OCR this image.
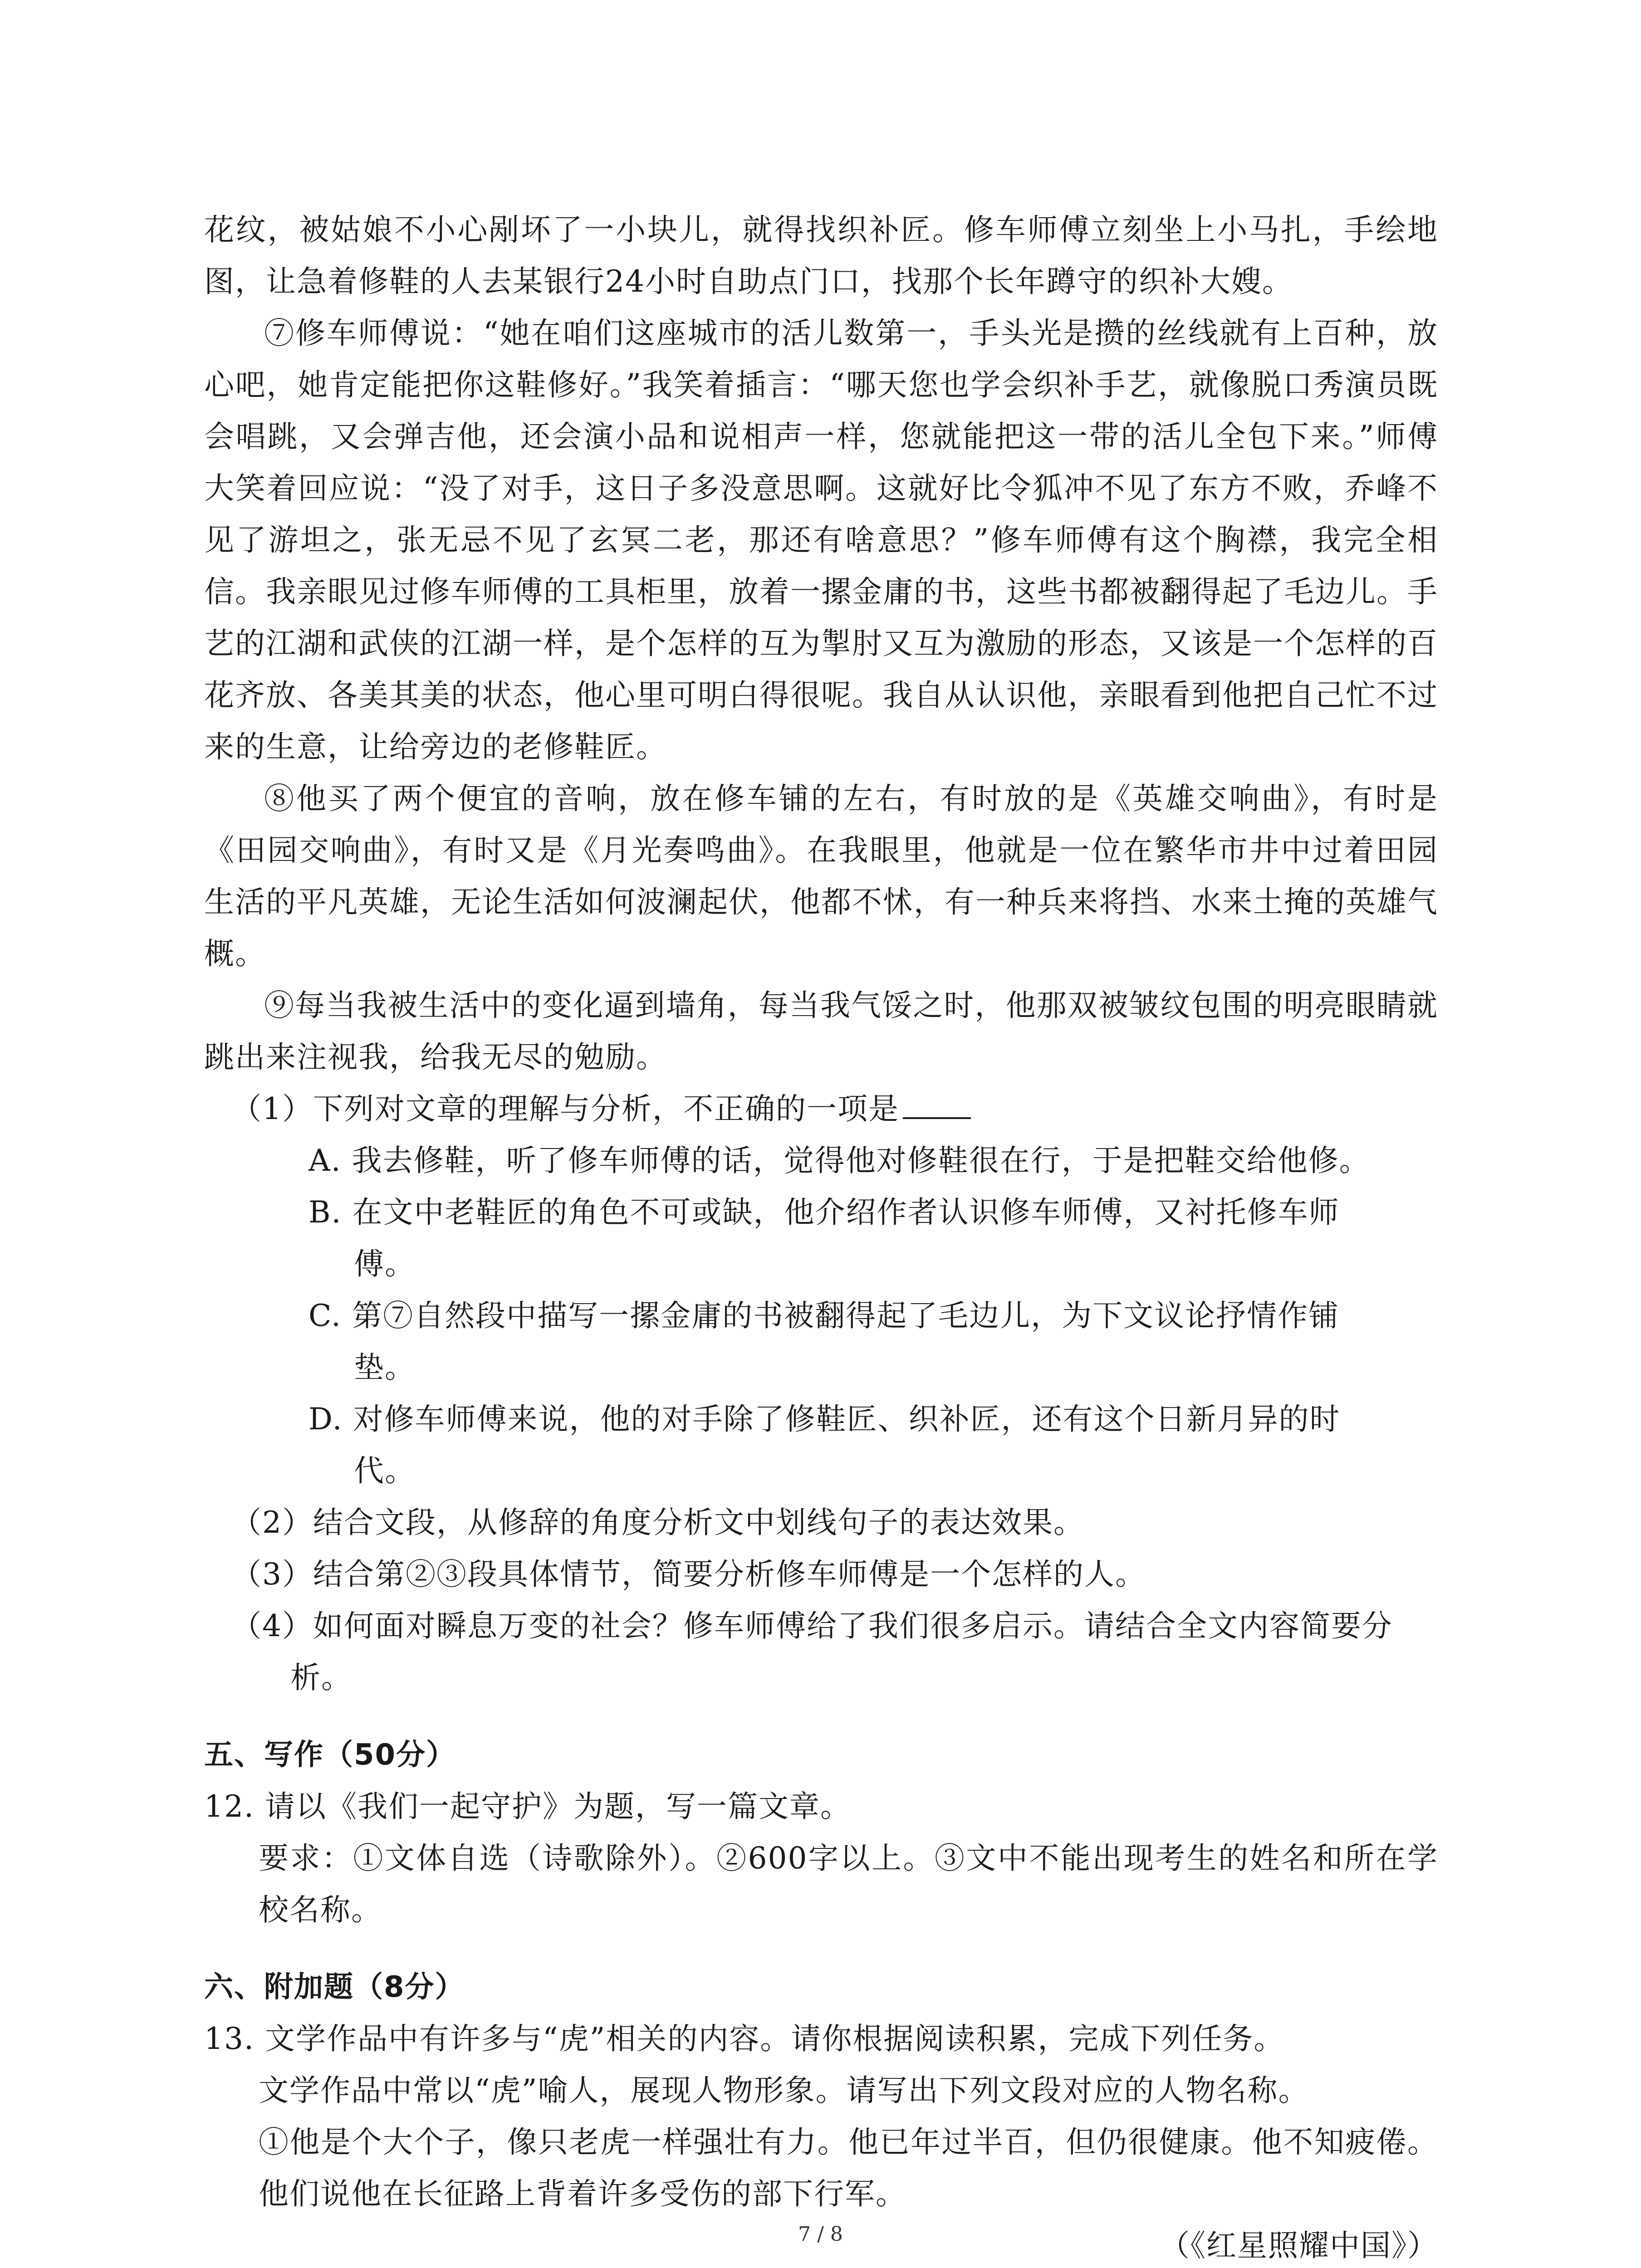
花纹，被姑娘不小心剐坏了一小块儿，就得找织补匠。修车师傅立刻坐上小马扎，手绘地图，让急着修鞋的人去某银行24小时自助点门口，找那个长年蹲守的织补大嫂。

⑦修车师傅说：“她在咱们这座城市的活儿数第一，手头光是攒的丝线就有上百种，放心吧，她肯定能把你这鞋修好。”我笑着插言：“哪天您也学会织补手艺，就像脱口秀演员既会唱跳，又会弹吉他，还会演小品和说相声一样，您就能把这一带的活儿全包下来。”师傅大笑着回应说：“没了对手，这日子多没意思啊。这就好比令狐冲不见了东方不败，乔峰不见了游坦之，张无忌不见了玄冥二老，那还有啥意思？”修车师傅有这个胸襟，我完全相信。我亲眼见过修车师傅的工具柜里，放着一摞金庸的书，这些书都被翻得起了毛边儿。手艺的江湖和武侠的江湖一样，是个怎样的互为掣肘又互为激励的形态，又该是一个怎样的百花齐放、各美其美的状态，他心里可明白得很呢。我自从认识他，亲眼看到他把自己忙不过来的生意，让给旁边的老修鞋匠。

⑧他买了两个便宜的音响，放在修车铺的左右，有时放的是《英雄交响曲》，有时是《田园交响曲》，有时又是《月光奏鸣曲》。在我眼里，他就是一位在繁华市井中过着田园生活的平凡英雄，无论生活如何波澜起伏，他都不怵，有一种兵来将挡、水来土掩的英雄气概。

⑨每当我被生活中的变化逼到墙角，每当我气馁之时，他那双被皱纹包围的明亮眼睛就跳出来注视我，给我无尽的勉励。

（1）下列对文章的理解与分析，不正确的一项是

A. 我去修鞋，听了修车师傅的话，觉得他对修鞋很在行，于是把鞋交给他修。

B. 在文中老鞋匠的角色不可或缺，他介绍作者认识修车师傅，又衬托修车师傅。

C. 第⑦自然段中描写一摞金庸的书被翻得起了毛边儿，为下文议论抒情作铺垫。

D. 对修车师傅来说，他的对手除了修鞋匠、织补匠，还有这个日新月异的时代。

（2）结合文段，从修辞的角度分析文中划线句子的表达效果。

（3）结合第②③段具体情节，简要分析修车师傅是一个怎样的人。

（4）如何面对瞬息万变的社会？修车师傅给了我们很多启示。请结合全文内容简要分析。

五、写作（50分）

12. 请以《我们一起守护》为题，写一篇文章。

要求：①文体自选（诗歌除外）。②600字以上。③文中不能出现考生的姓名和所在学校名称。

六、附加题（8分）

13. 文学作品中有许多与“虎”相关的内容。请你根据阅读积累，完成下列任务。

文学作品中常以“虎”喻人，展现人物形象。请写出下列文段对应的人物名称。

①他是个大个子，像只老虎一样强壮有力。他已年过半百，但仍很健康。他不知疲倦。他们说他在长征路上背着许多受伤的部下行军。

（《红星照耀中国》）

7 / 8
